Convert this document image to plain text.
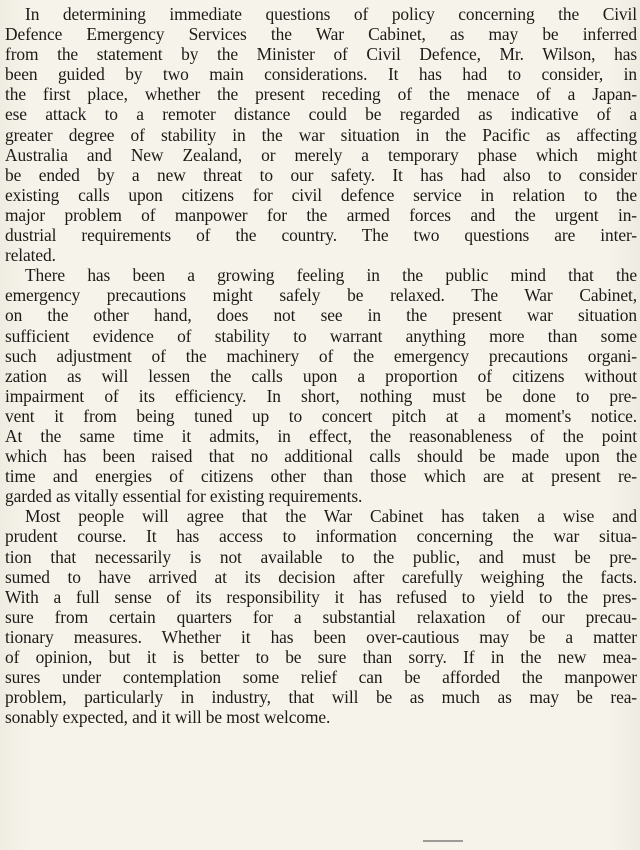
In determining immediate questions of policy concerning the Civil
Defence Emergency Services the War Cabinet, as may be inferred
from the statement by the Minister of Civil Defence, Mr. Wilson, has
been guided by two main considerations. It has had to consider, in
the first place, whether the present receding of the menace of a Japan-
ese attack to a remoter distance could be regarded as indicative of a
greater degree of stability in the war situation in the Pacific as affecting
Australia and New Zealand, or merely a temporary phase which might
be ended by a new threat to our safety. It has had also to consider
existing calls upon citizens for civil defence service in relation to the
major problem of manpower for the armed forces and the urgent in-
dustrial requirements of the country. The two questions are inter-
related.
There has been a growing feeling in the public mind that the
emergency precautions might safely be relaxed. The War Cabinet,
on the other hand, does not see in the present war situation
sufficient evidence of stability to warrant anything more than some
such adjustment of the machinery of the emergency precautions organi-
zation as will lessen the calls upon a proportion of citizens without
impairment of its efficiency. In short, nothing must be done to pre-
vent it from being tuned up to concert pitch at a moment's notice.
At the same time it admits, in effect, the reasonableness of the point
which has been raised that no additional calls should be made upon the
time and energies of citizens other than those which are at present re-
garded as vitally essential for existing requirements.
Most people will agree that the War Cabinet has taken a wise and
prudent course. It has access to information concerning the war situa-
tion that necessarily is not available to the public, and must be pre-
sumed to have arrived at its decision after carefully weighing the facts.
With a full sense of its responsibility it has refused to yield to the pres-
sure from certain quarters for a substantial relaxation of our precau-
tionary measures. Whether it has been over-cautious may be a matter
of opinion, but it is better to be sure than sorry. If in the new mea-
sures under contemplation some relief can be afforded the manpower
problem, particularly in industry, that will be as much as may be rea-
sonably expected, and it will be most welcome.
